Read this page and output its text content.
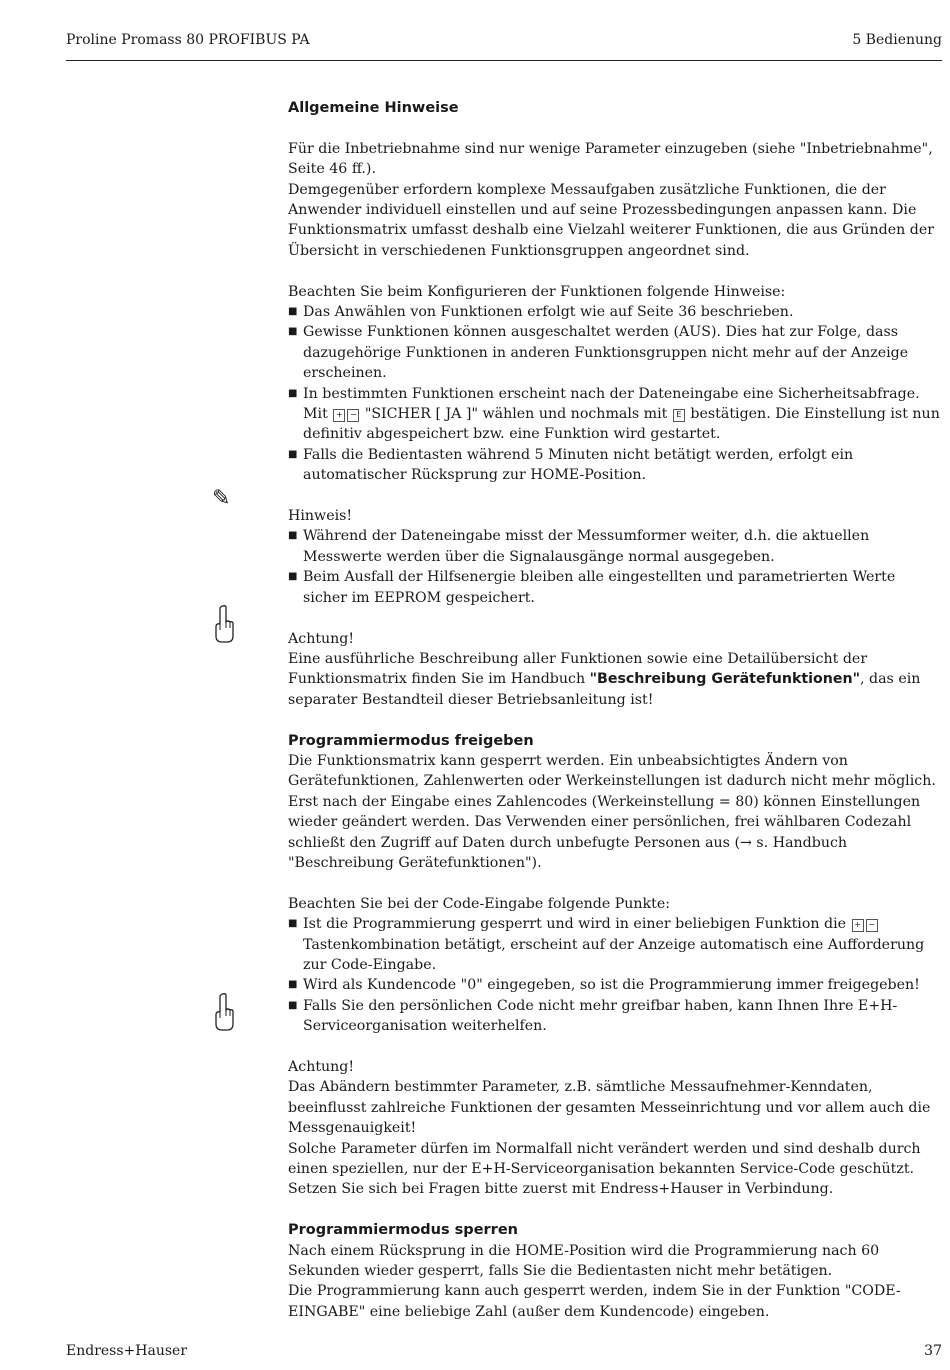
Proline Promass 80 PROFIBUS PA	5 Bedienung
✎

Allgemeine Hinweise

Für die Inbetriebnahme sind nur wenige Parameter einzugeben (siehe "Inbetriebnahme", Seite 46 ff.).

Demgegenüber erfordern komplexe Messaufgaben zusätzliche Funktionen, die der Anwender individuell einstellen und auf seine Prozessbedingungen anpassen kann. Die Funktionsmatrix umfasst deshalb eine Vielzahl weiterer Funktionen, die aus Gründen der Übersicht in verschiedenen Funktionsgruppen angeordnet sind.

Beachten Sie beim Konfigurieren der Funktionen folgende Hinweise:

■ Das Anwählen von Funktionen erfolgt wie auf Seite 36 beschrieben.
■ Gewisse Funktionen können ausgeschaltet werden (AUS). Dies hat zur Folge, dass dazugehörige Funktionen in anderen Funktionsgruppen nicht mehr auf der Anzeige erscheinen.
■ In bestimmten Funktionen erscheint nach der Dateneingabe eine Sicherheitsabfrage. Mit + − "SICHER [ JA ]" wählen und nochmals mit E bestätigen. Die Einstellung ist nun definitiv abgespeichert bzw. eine Funktion wird gestartet.
■ Falls die Bedientasten während 5 Minuten nicht betätigt werden, erfolgt ein automatischer Rücksprung zur HOME-Position.

Hinweis!

■ Während der Dateneingabe misst der Messumformer weiter, d.h. die aktuellen Messwerte werden über die Signalausgänge normal ausgegeben.
■ Beim Ausfall der Hilfsenergie bleiben alle eingestellten und parametrierten Werte sicher im EEPROM gespeichert.

Achtung!

Eine ausführliche Beschreibung aller Funktionen sowie eine Detailübersicht der Funktionsmatrix finden Sie im Handbuch "Beschreibung Gerätefunktionen", das ein separater Bestandteil dieser Betriebsanleitung ist!

Programmiermodus freigeben

Die Funktionsmatrix kann gesperrt werden. Ein unbeabsichtigtes Ändern von Gerätefunktionen, Zahlenwerten oder Werkeinstellungen ist dadurch nicht mehr möglich. Erst nach der Eingabe eines Zahlencodes (Werkeinstellung = 80) können Einstellungen wieder geändert werden. Das Verwenden einer persönlichen, frei wählbaren Codezahl schließt den Zugriff auf Daten durch unbefugte Personen aus (→ s. Handbuch "Beschreibung Gerätefunktionen").

Beachten Sie bei der Code-Eingabe folgende Punkte:

■ Ist die Programmierung gesperrt und wird in einer beliebigen Funktion die + − Tastenkombination betätigt, erscheint auf der Anzeige automatisch eine Aufforderung zur Code-Eingabe.
■ Wird als Kundencode "0" eingegeben, so ist die Programmierung immer freigegeben!
■ Falls Sie den persönlichen Code nicht mehr greifbar haben, kann Ihnen Ihre E+H-Serviceorganisation weiterhelfen.

Achtung!

Das Abändern bestimmter Parameter, z.B. sämtliche Messaufnehmer-Kenndaten, beeinflusst zahlreiche Funktionen der gesamten Messeinrichtung und vor allem auch die Messgenauigkeit!

Solche Parameter dürfen im Normalfall nicht verändert werden und sind deshalb durch einen speziellen, nur der E+H-Serviceorganisation bekannten Service-Code geschützt. Setzen Sie sich bei Fragen bitte zuerst mit Endress+Hauser in Verbindung.

Programmiermodus sperren

Nach einem Rücksprung in die HOME-Position wird die Programmierung nach 60 Sekunden wieder gesperrt, falls Sie die Bedientasten nicht mehr betätigen.

Die Programmierung kann auch gesperrt werden, indem Sie in der Funktion "CODE-EINGABE" eine beliebige Zahl (außer dem Kundencode) eingeben.

Endress+Hauser	37
